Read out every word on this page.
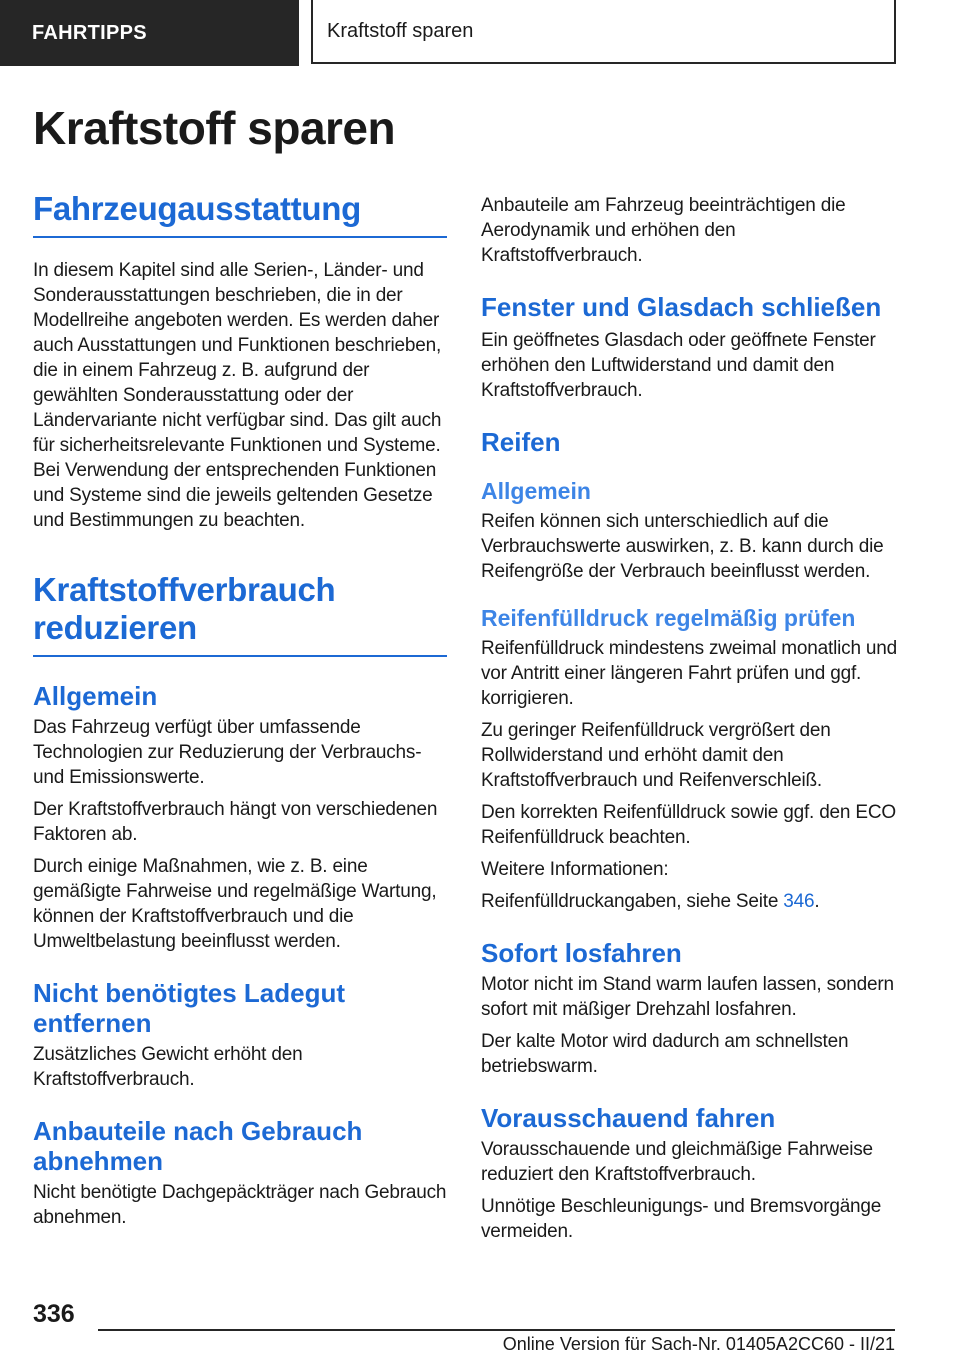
FAHRTIPPS	Kraftstoff sparen
Kraftstoff sparen
Fahrzeugausstattung

In diesem Kapitel sind alle Serien-, Länder- und Sonderausstattungen beschrieben, die in der Modellreihe angeboten werden. Es werden daher auch Ausstattungen und Funktionen beschrieben, die in einem Fahrzeug z. B. aufgrund der gewählten Sonderausstattung oder der Ländervariante nicht verfügbar sind. Das gilt auch für sicherheitsrelevante Funktionen und Systeme. Bei Verwendung der entsprechenden Funktionen und Systeme sind die jeweils geltenden Gesetze und Bestimmungen zu beachten.

Kraftstoffverbrauch reduzieren
Allgemein

Das Fahrzeug verfügt über umfassende Technologien zur Reduzierung der Verbrauchs- und Emissionswerte.

Der Kraftstoffverbrauch hängt von verschiedenen Faktoren ab.

Durch einige Maßnahmen, wie z. B. eine gemäßigte Fahrweise und regelmäßige Wartung, können der Kraftstoffverbrauch und die Umweltbelastung beeinflusst werden.

Nicht benötigtes Ladegut entfernen

Zusätzliches Gewicht erhöht den Kraftstoffverbrauch.

Anbauteile nach Gebrauch abnehmen

Nicht benötigte Dachgepäckträger nach Gebrauch abnehmen.

Anbauteile am Fahrzeug beeinträchtigen die Aerodynamik und erhöhen den Kraftstoffverbrauch.

Fenster und Glasdach schließen

Ein geöffnetes Glasdach oder geöffnete Fenster erhöhen den Luftwiderstand und damit den Kraftstoffverbrauch.

Reifen
Allgemein

Reifen können sich unterschiedlich auf die Verbrauchswerte auswirken, z. B. kann durch die Reifengröße der Verbrauch beeinflusst werden.

Reifenfülldruck regelmäßig prüfen

Reifenfülldruck mindestens zweimal monatlich und vor Antritt einer längeren Fahrt prüfen und ggf. korrigieren.

Zu geringer Reifenfülldruck vergrößert den Rollwiderstand und erhöht damit den Kraftstoffverbrauch und Reifenverschleiß.

Den korrekten Reifenfülldruck sowie ggf. den ECO Reifenfülldruck beachten.

Weitere Informationen:

Reifenfülldruckangaben, siehe Seite 346.

Sofort losfahren

Motor nicht im Stand warm laufen lassen, sondern sofort mit mäßiger Drehzahl losfahren.

Der kalte Motor wird dadurch am schnellsten betriebswarm.

Vorausschauend fahren

Vorausschauende und gleichmäßige Fahrweise reduziert den Kraftstoffverbrauch.

Unnötige Beschleunigungs- und Bremsvorgänge vermeiden.

336
Online Version für Sach-Nr. 01405A2CC60 - II/21
